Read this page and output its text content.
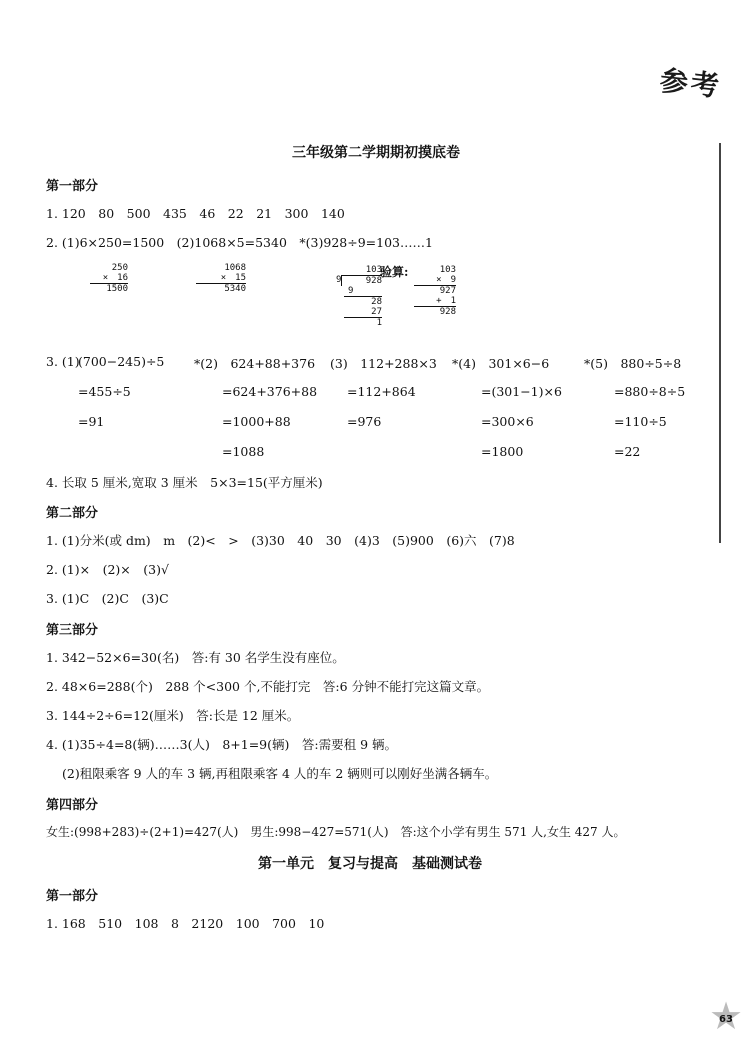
参考
三年级第二学期期初摸底卷
第一部分
1. 120　80　500　435　46　22　21　300　140
2. (1)6×250=1500　(2)1068×5=5340　*(3)928÷9=103……1
250
×　16
1500
1068
×　15
5340
103
9	928
9
28
27
1
验算:	103
×　9
927
+　1
928
3. (1)
(700−245)÷5
=455÷5
=91
*(2)　624+88+376
=624+376+88
=1000+88
=1088
(3)　112+288×3
=112+864
=976
*(4)　301×6−6
=(301−1)×6
=300×6
=1800
*(5)　880÷5÷8
=880÷8÷5
=110÷5
=22
4. 长取 5 厘米,宽取 3 厘米　5×3=15(平方厘米)
第二部分
1. (1)分米(或 dm)　m　(2)<　>　(3)30　40　30　(4)3　(5)900　(6)六　(7)8
2. (1)×　(2)×　(3)√
3. (1)C　(2)C　(3)C
第三部分
1. 342−52×6=30(名)　答:有 30 名学生没有座位。
2. 48×6=288(个)　288 个<300 个,不能打完　答:6 分钟不能打完这篇文章。
3. 144÷2÷6=12(厘米)　答:长是 12 厘米。
4. (1)35÷4=8(辆)……3(人)　8+1=9(辆)　答:需要租 9 辆。
(2)租限乘客 9 人的车 3 辆,再租限乘客 4 人的车 2 辆则可以刚好坐满各辆车。
第四部分
女生:(998+283)÷(2+1)=427(人)　男生:998−427=571(人)　答:这个小学有男生 571 人,女生 427 人。
第一单元　复习与提高　基础测试卷
第一部分
1. 168　510　108　8　2120　100　700　10
★ 63
